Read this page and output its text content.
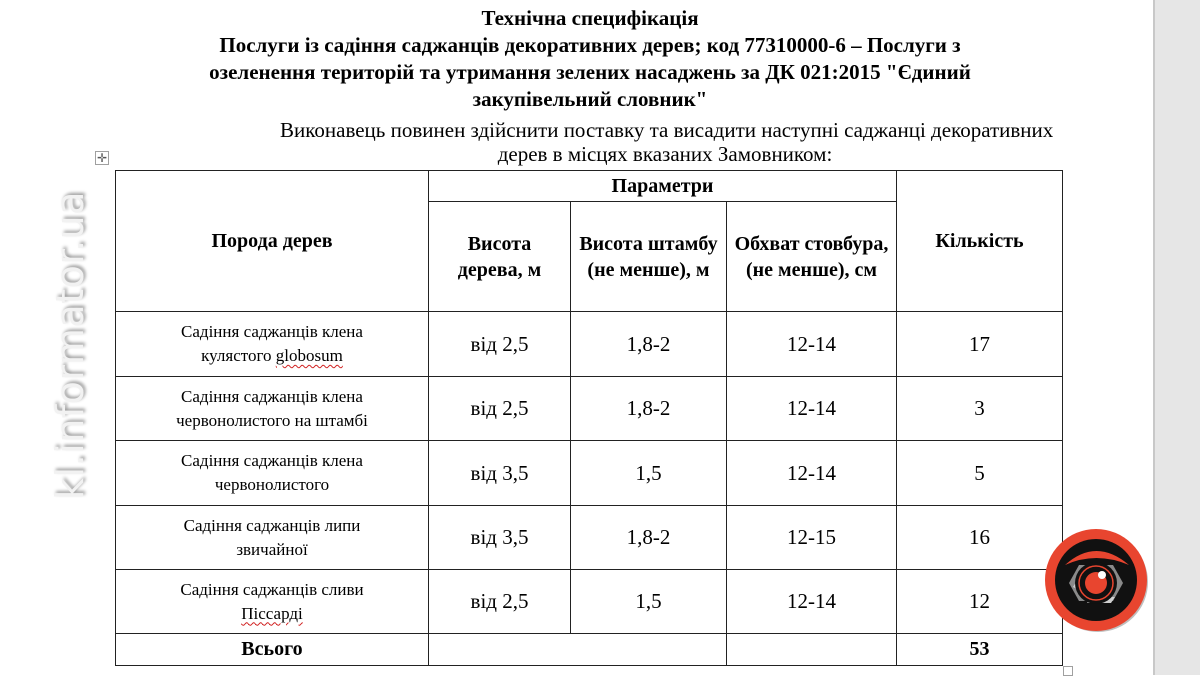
Технічна специфікація
Послуги із садіння саджанців декоративних дерев; код 77310000-6 – Послуги з
озеленення територій та утримання зелених насаджень за ДК 021:2015 "Єдиний
закупівельний словник"
Виконавець повинен здійснити поставку та висадити наступні саджанці декоративних
дерев в місцях вказаних Замовником:
✛
Порода дерев	Параметри			Кількість
	Висота дерева, м	Висота штамбу (не менше), м	Обхват стовбура, (не менше), см	
Садіння саджанців клена
кулястого globosum	від 2,5	1,8-2	12-14	17
Садіння саджанців клена
червонолистого на штамбі	від 2,5	1,8-2	12-14	3
Садіння саджанців клена
червонолистого	від 3,5	1,5	12-14	5
Садіння саджанців липи
звичайної	від 3,5	1,8-2	12-15	16
Садіння саджанців сливи
Піссарді	від 2,5	1,5	12-14	12
Всього				53
kl.informator.ua
